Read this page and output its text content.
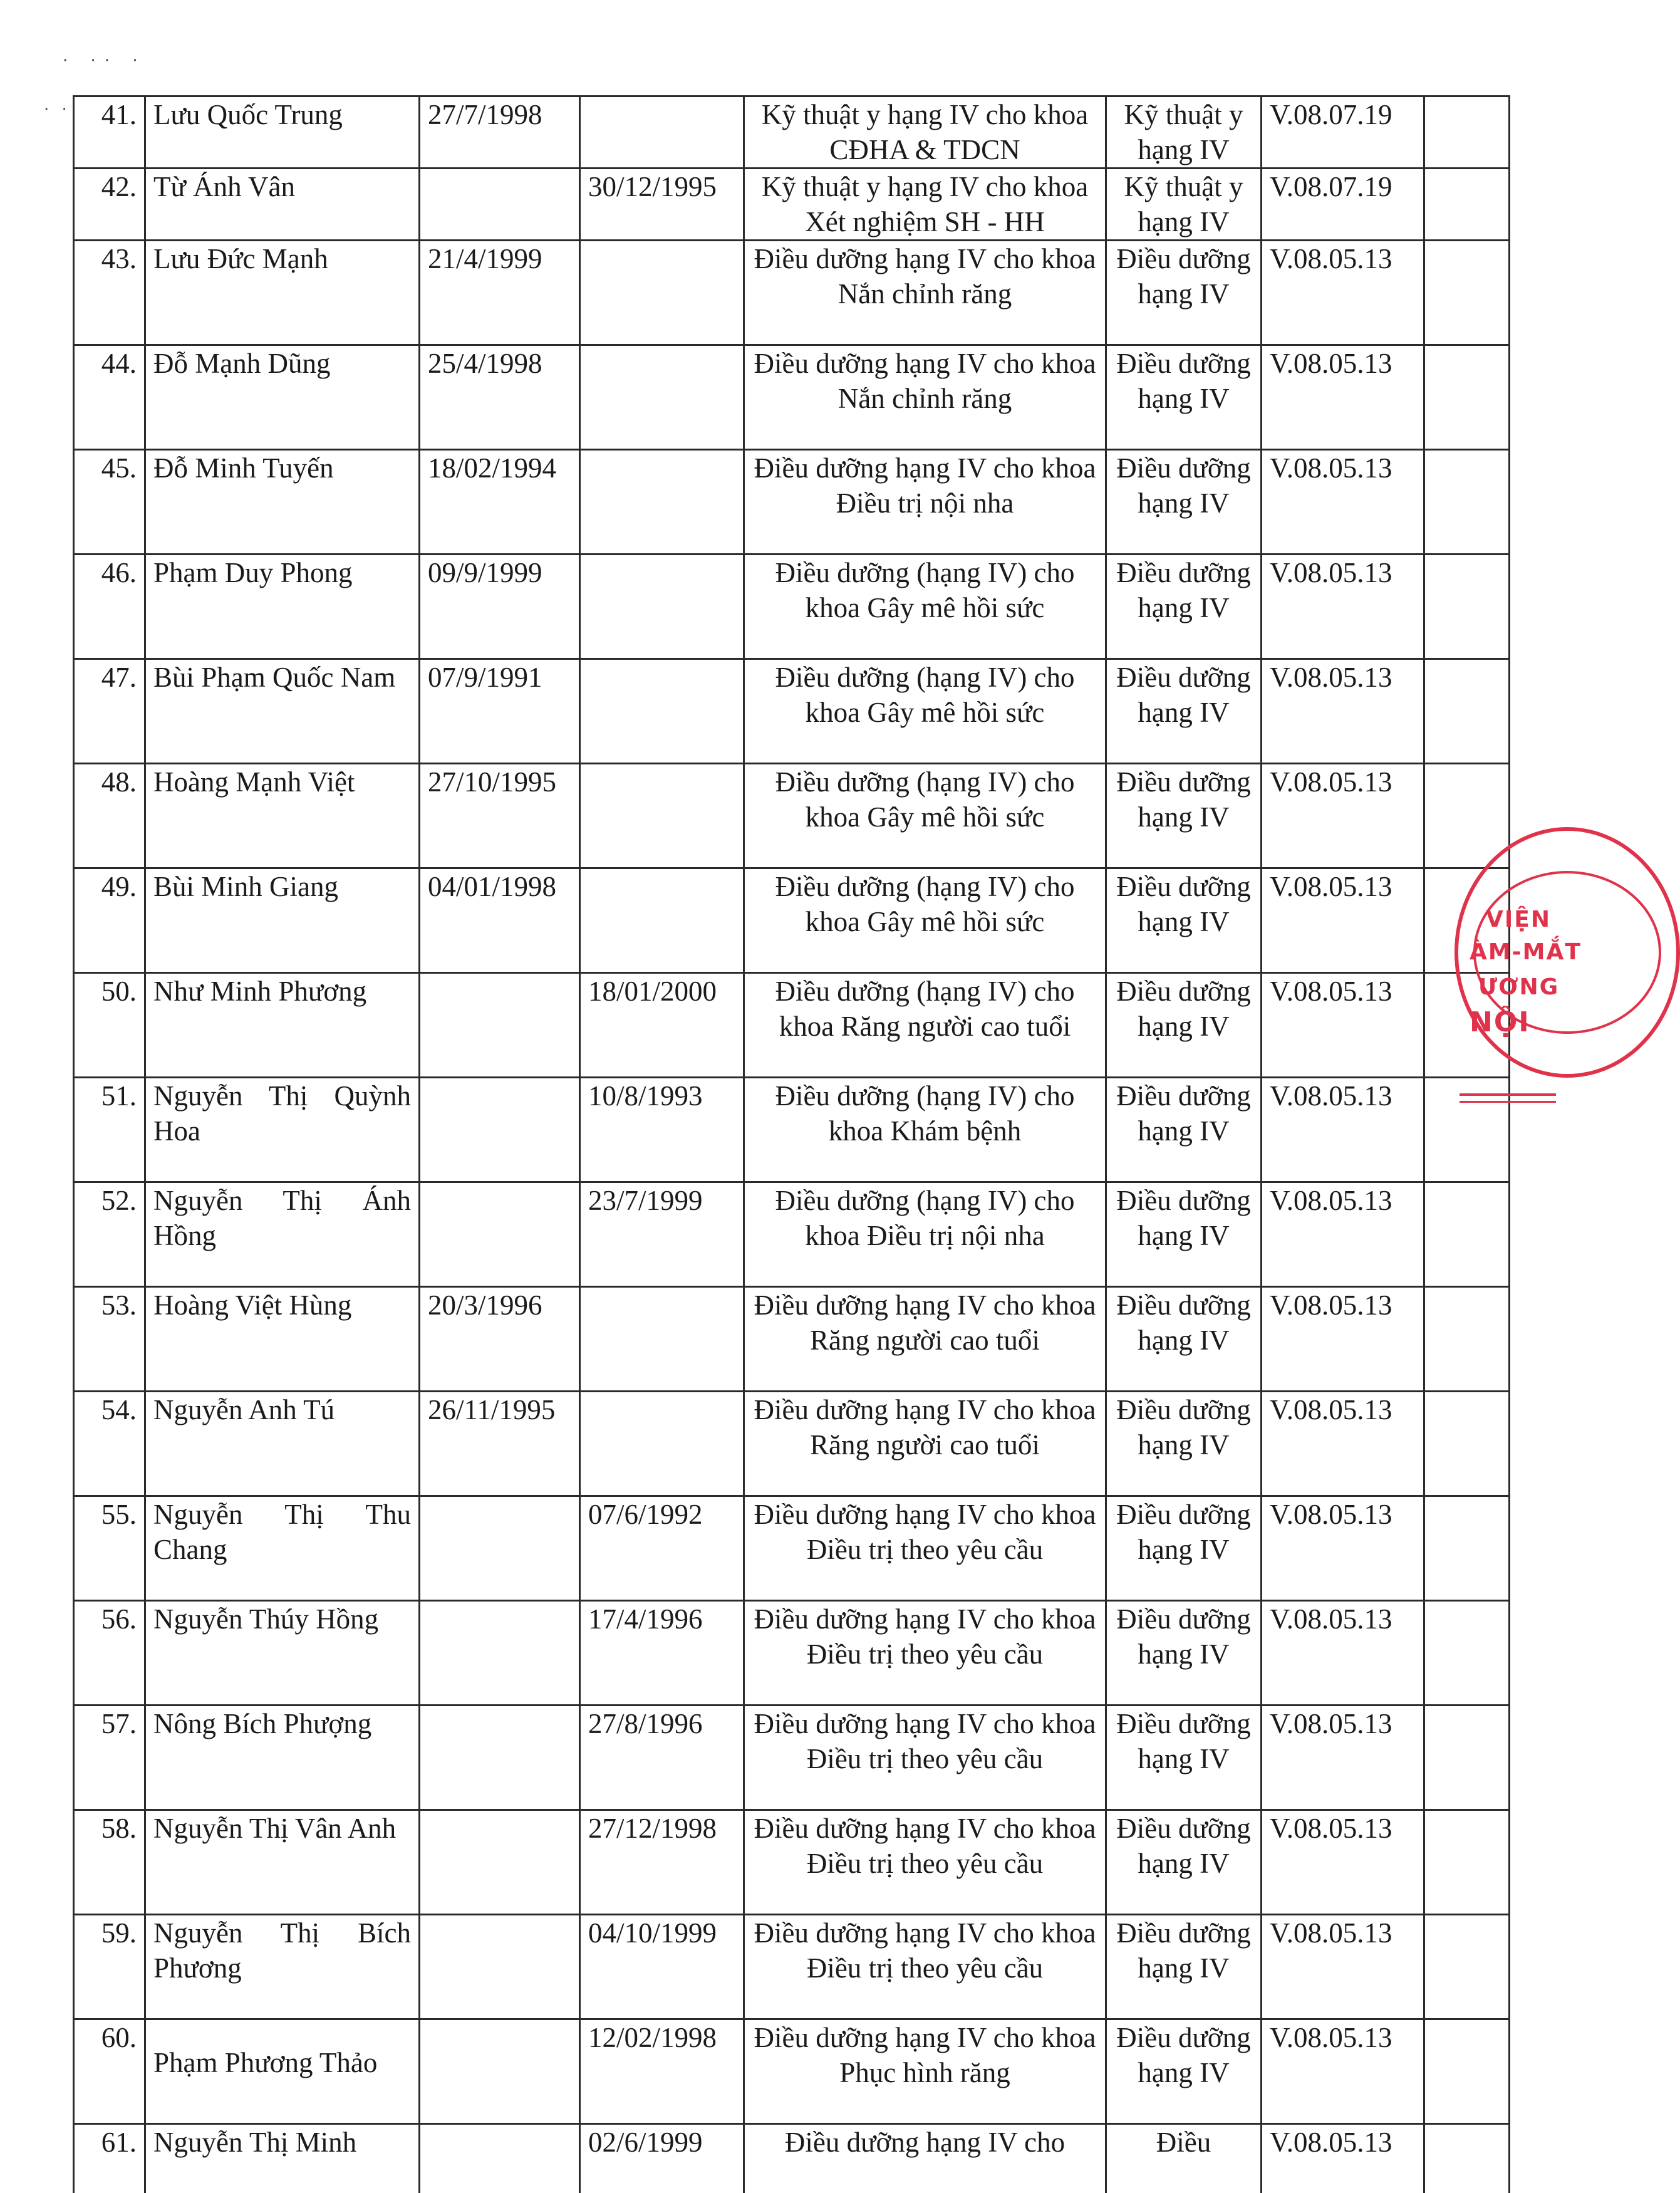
· ·· ·
· · 41.	Lưu Quốc Trung	27/7/1998		Kỹ thuật y hạng IV cho khoa CĐHA & TDCN	Kỹ thuật y hạng IV	V.08.07.19	
42.	Từ Ánh Vân		30/12/1995	Kỹ thuật y hạng IV cho khoa Xét nghiệm SH - HH	Kỹ thuật y hạng IV	V.08.07.19	
43.	Lưu Đức Mạnh	21/4/1999		Điều dưỡng hạng IV cho khoa Nắn chỉnh răng	Điều dưỡng hạng IV	V.08.05.13	
44.	Đỗ Mạnh Dũng	25/4/1998		Điều dưỡng hạng IV cho khoa Nắn chỉnh răng	Điều dưỡng hạng IV	V.08.05.13	
45.	Đỗ Minh Tuyến	18/02/1994		Điều dưỡng hạng IV cho khoa Điều trị nội nha	Điều dưỡng hạng IV	V.08.05.13	
46.	Phạm Duy Phong	09/9/1999		Điều dưỡng (hạng IV) cho khoa Gây mê hồi sức	Điều dưỡng hạng IV	V.08.05.13	
47.	Bùi Phạm Quốc Nam	07/9/1991		Điều dưỡng (hạng IV) cho khoa Gây mê hồi sức	Điều dưỡng hạng IV	V.08.05.13	
48.	Hoàng Mạnh Việt	27/10/1995		Điều dưỡng (hạng IV) cho khoa Gây mê hồi sức	Điều dưỡng hạng IV	V.08.05.13	
49.	Bùi Minh Giang	04/01/1998		Điều dưỡng (hạng IV) cho khoa Gây mê hồi sức	Điều dưỡng hạng IV	V.08.05.13	
50.	Như Minh Phương		18/01/2000	Điều dưỡng (hạng IV) cho khoa Răng người cao tuổi	Điều dưỡng hạng IV	V.08.05.13	
51.	Nguyễn Thị Quỳnh Hoa		10/8/1993	Điều dưỡng (hạng IV) cho khoa Khám bệnh	Điều dưỡng hạng IV	V.08.05.13	
52.	Nguyễn Thị Ánh Hồng		23/7/1999	Điều dưỡng (hạng IV) cho khoa Điều trị nội nha	Điều dưỡng hạng IV	V.08.05.13	
53.	Hoàng Việt Hùng	20/3/1996		Điều dưỡng hạng IV cho khoa Răng người cao tuổi	Điều dưỡng hạng IV	V.08.05.13	
54.	Nguyễn Anh Tú	26/11/1995		Điều dưỡng hạng IV cho khoa Răng người cao tuổi	Điều dưỡng hạng IV	V.08.05.13	
55.	Nguyễn Thị Thu Chang		07/6/1992	Điều dưỡng hạng IV cho khoa Điều trị theo yêu cầu	Điều dưỡng hạng IV	V.08.05.13	
56.	Nguyễn Thúy Hồng		17/4/1996	Điều dưỡng hạng IV cho khoa Điều trị theo yêu cầu	Điều dưỡng hạng IV	V.08.05.13	
57.	Nông Bích Phượng		27/8/1996	Điều dưỡng hạng IV cho khoa Điều trị theo yêu cầu	Điều dưỡng hạng IV	V.08.05.13	
58.	Nguyễn Thị Vân Anh		27/12/1998	Điều dưỡng hạng IV cho khoa Điều trị theo yêu cầu	Điều dưỡng hạng IV	V.08.05.13	
59.	Nguyễn Thị Bích Phương		04/10/1999	Điều dưỡng hạng IV cho khoa Điều trị theo yêu cầu	Điều dưỡng hạng IV	V.08.05.13	
60.	Phạm Phương Thảo		12/02/1998	Điều dưỡng hạng IV cho khoa Phục hình răng	Điều dưỡng hạng IV	V.08.05.13	
61.	Nguyễn Thị Minh		02/6/1999	Điều dưỡng hạng IV cho	Điều	V.08.05.13	
VIỆN
ÀM-MẮT
ƯƠNG
NỘI
